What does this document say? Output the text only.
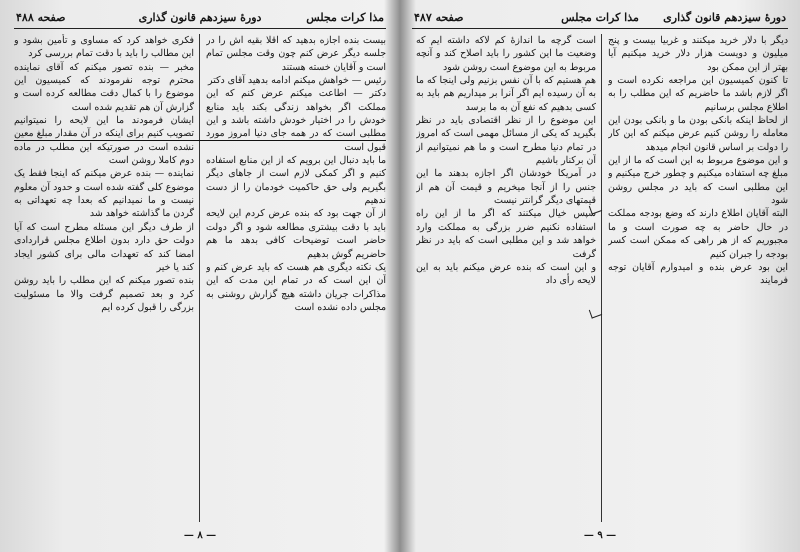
مذا کرات مجلس
دورهٔ سیزدهم قانون گذاری
صفحه ۴۸۸

بیست بنده اجازه بدهید که اقلا بقیه اش را در جلسه دیگر عرض کنم چون وقت مجلس تمام است و آقایان خسته هستند

رئیس — خواهش میکنم ادامه بدهید آقای دکتر

دکتر — اطاعت میکنم عرض کنم که این مملکت اگر بخواهد زندگی بکند باید منابع خودش را در اختیار خودش داشته باشد و این مطلبی است که در همه جای دنیا امروز مورد قبول است

ما باید دنبال این برویم که از این منابع استفاده کنیم و اگر کمکی لازم است از جاهای دیگر بگیریم ولی حق حاکمیت خودمان را از دست ندهیم

از آن جهت بود که بنده عرض کردم این لایحه باید با دقت بیشتری مطالعه شود و اگر دولت حاضر است توضیحات کافی بدهد ما هم حاضریم گوش بدهیم

یک نکته دیگری هم هست که باید عرض کنم و آن این است که در تمام این مدت که این مذاکرات جریان داشته هیچ گزارش روشنی به مجلس داده نشده است

فکری خواهد کرد که مساوی و تأمین بشود و این مطالب را باید با دقت تمام بررسی کرد

مخبر — بنده تصور میکنم که آقای نماینده محترم توجه نفرمودند که کمیسیون این موضوع را با کمال دقت مطالعه کرده است و گزارش آن هم تقدیم شده است

ایشان فرمودند ما این لایحه را نمیتوانیم تصویب کنیم برای اینکه در آن مقدار مبلغ معین نشده است در صورتیکه این مطلب در ماده دوم کاملا روشن است

نماینده — بنده عرض میکنم که اینجا فقط یک موضوع کلی گفته شده است و حدود آن معلوم نیست و ما نمیدانیم که بعدا چه تعهداتی به گردن ما گذاشته خواهد شد

از طرف دیگر این مسئله مطرح است که آیا دولت حق دارد بدون اطلاع مجلس قراردادی امضا کند که تعهدات مالی برای کشور ایجاد کند یا خیر

بنده تصور میکنم که این مطلب را باید روشن کرد و بعد تصمیم گرفت والا ما مسئولیت بزرگی را قبول کرده ایم

— ۸ —
دورهٔ سیزدهم قانون گذاری
مذا کرات مجلس
صفحه ۴۸۷

دیگر با دلار خرید میکنند و غربیا بیست و پنج میلیون و دویست هزار دلار خرید میکنیم آیا بهتر از این ممکن بود

تا کنون کمیسیون این مراجعه نکرده است و اگر لازم باشد ما حاضریم که این مطلب را به اطلاع مجلس برسانیم

از لحاظ اینکه بانکی بودن ما و بانکی بودن این معامله را روشن کنیم عرض میکنم که این کار را دولت بر اساس قانون انجام میدهد

و این موضوع مربوط به این است که ما از این مبلغ چه استفاده میکنیم و چطور خرج میکنیم و این مطلبی است که باید در مجلس روشن شود

البته آقایان اطلاع دارند که وضع بودجه مملکت در حال حاضر به چه صورت است و ما مجبوریم که از هر راهی که ممکن است کسر بودجه را جبران کنیم

این بود عرض بنده و امیدوارم آقایان توجه فرمایند

است گرچه ما اندازهٔ کم لاکه داشته ایم که وضعیت ما این کشور را باید اصلاح کند و آنچه مربوط به این موضوع است روشن شود

هم هستیم که با آن نفس بزنیم ولی اینجا که ما به آن رسیده ایم اگر آنرا بر میداریم هم باید به کسی بدهیم که نفع آن به ما برسد

این موضوع را از نظر اقتصادی باید در نظر بگیرید که یکی از مسائل مهمی است که امروز در تمام دنیا مطرح است و ما هم نمیتوانیم از آن برکنار باشیم

در آمریکا خودشان اگر اجازه بدهند ما این جنس را از آنجا میخریم و قیمت آن هم از قیمتهای دیگر گرانتر نیست

سپس خیال میکنند که اگر ما از این راه استفاده نکنیم ضرر بزرگی به مملکت وارد خواهد شد و این مطلبی است که باید در نظر گرفت

و این است که بنده عرض میکنم باید به این لایحه رأی داد

— ۹ —
